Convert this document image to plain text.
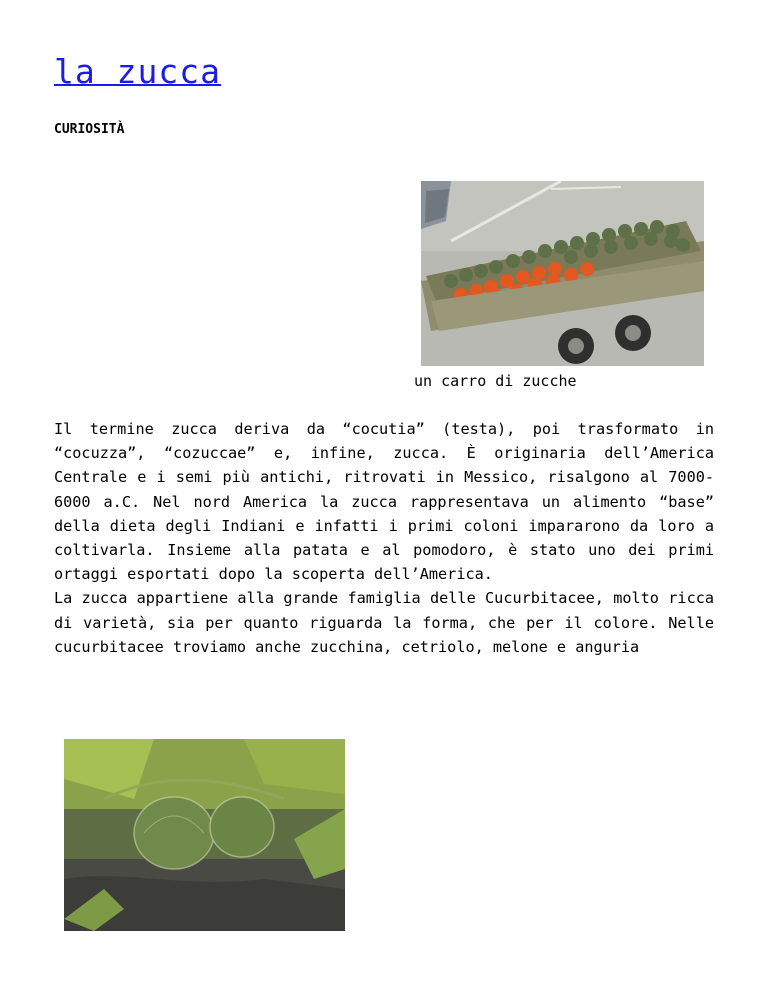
la zucca
CURIOSITÀ
un carro di zucche

Il termine zucca deriva da “cocutia” (testa), poi trasformato in “cocuzza”, “cozuccae” e, infine, zucca. È originaria dell’America Centrale e i semi più antichi, ritrovati in Messico, risalgono al 7000-6000 a.C. Nel nord America la zucca rappresentava un alimento “base” della dieta degli Indiani e infatti i primi coloni impararono da loro a coltivarla. Insieme alla patata e al pomodoro, è stato uno dei primi ortaggi esportati dopo la scoperta dell’America.

La zucca appartiene alla grande famiglia delle Cucurbitacee, molto ricca di varietà, sia per quanto riguarda la forma, che per il colore. Nelle cucurbitacee troviamo anche zucchina, cetriolo, melone e anguria
